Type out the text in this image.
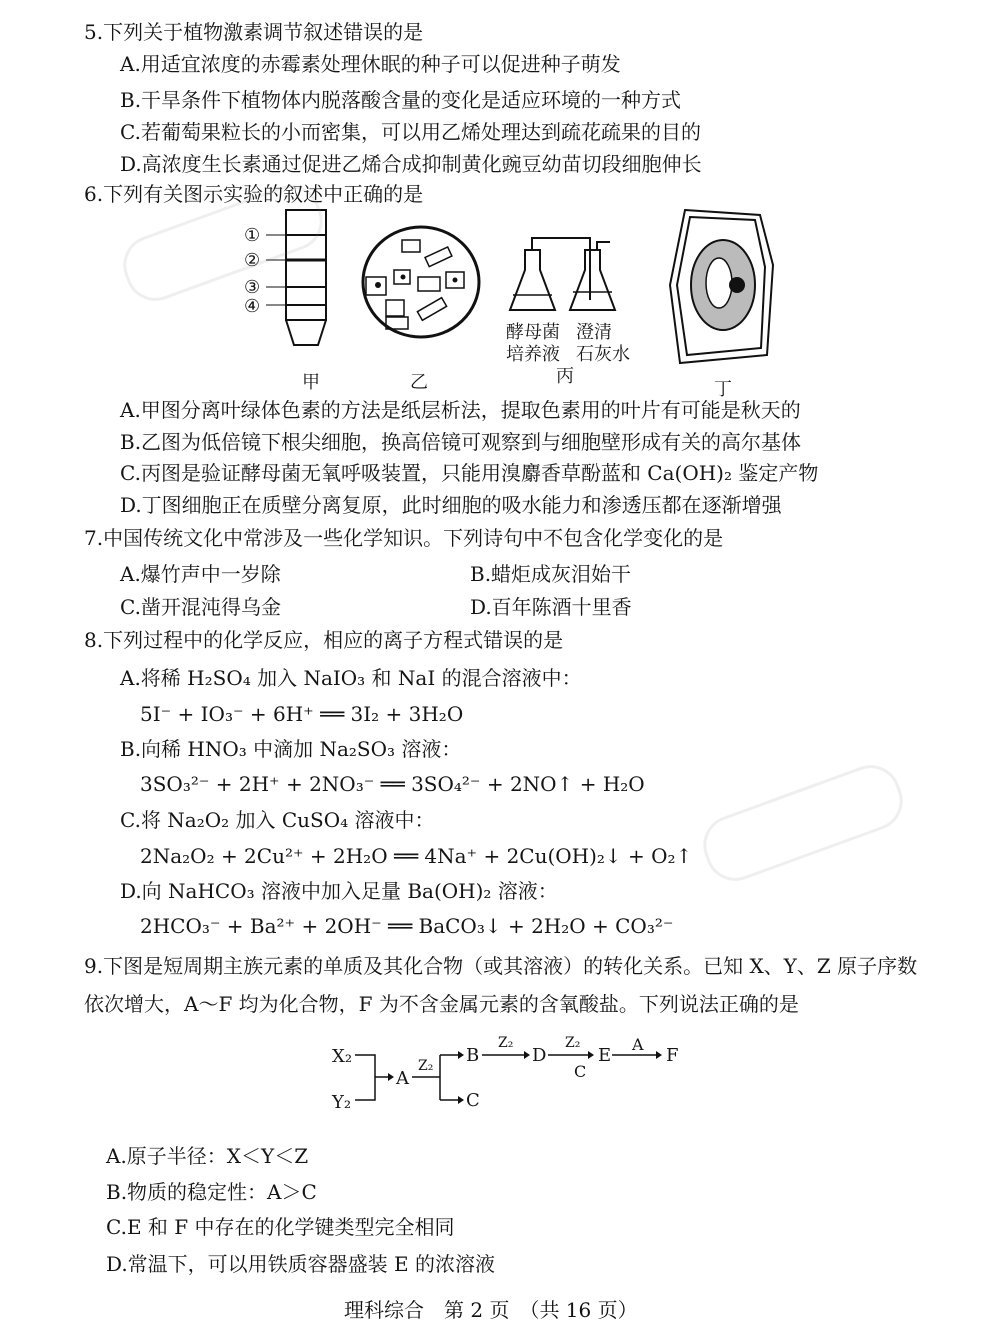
5.下列关于植物激素调节叙述错误的是
A.用适宜浓度的赤霉素处理休眠的种子可以促进种子萌发
B.干旱条件下植物体内脱落酸含量的变化是适应环境的一种方式
C.若葡萄果粒长的小而密集，可以用乙烯处理达到疏花疏果的目的
D.高浓度生长素通过促进乙烯合成抑制黄化豌豆幼苗切段细胞伸长
6.下列有关图示实验的叙述中正确的是
①
②
③
④
甲	乙
酵母菌
培养液
澄清
石灰水
丙
丁
A.甲图分离叶绿体色素的方法是纸层析法，提取色素用的叶片有可能是秋天的
B.乙图为低倍镜下根尖细胞，换高倍镜可观察到与细胞壁形成有关的高尔基体
C.丙图是验证酵母菌无氧呼吸装置，只能用溴麝香草酚蓝和 Ca(OH)₂ 鉴定产物
D.丁图细胞正在质壁分离复原，此时细胞的吸水能力和渗透压都在逐渐增强
7.中国传统文化中常涉及一些化学知识。下列诗句中不包含化学变化的是
A.爆竹声中一岁除	B.蜡炬成灰泪始干
C.凿开混沌得乌金	D.百年陈酒十里香
8.下列过程中的化学反应，相应的离子方程式错误的是
A.将稀 H₂SO₄ 加入 NaIO₃ 和 NaI 的混合溶液中：
5I⁻ + IO₃⁻ + 6H⁺ ══ 3I₂ + 3H₂O
B.向稀 HNO₃ 中滴加 Na₂SO₃ 溶液：
3SO₃²⁻ + 2H⁺ + 2NO₃⁻ ══ 3SO₄²⁻ + 2NO↑ + H₂O
C.将 Na₂O₂ 加入 CuSO₄ 溶液中：
2Na₂O₂ + 2Cu²⁺ + 2H₂O ══ 4Na⁺ + 2Cu(OH)₂↓ + O₂↑
D.向 NaHCO₃ 溶液中加入足量 Ba(OH)₂ 溶液：
2HCO₃⁻ + Ba²⁺ + 2OH⁻ ══ BaCO₃↓ + 2H₂O + CO₃²⁻
9.下图是短周期主族元素的单质及其化合物（或其溶液）的转化关系。已知 X、Y、Z 原子序数
依次增大，A～F 均为化合物，F 为不含金属元素的含氧酸盐。下列说法正确的是
X₂
Y₂
A
Z₂ B
C
Z₂
D
Z₂
C
E
A
F
A.原子半径：X＜Y＜Z
B.物质的稳定性：A＞C
C.E 和 F 中存在的化学键类型完全相同
D.常温下，可以用铁质容器盛装 E 的浓溶液
理科综合　第 2 页　（共 16 页）
